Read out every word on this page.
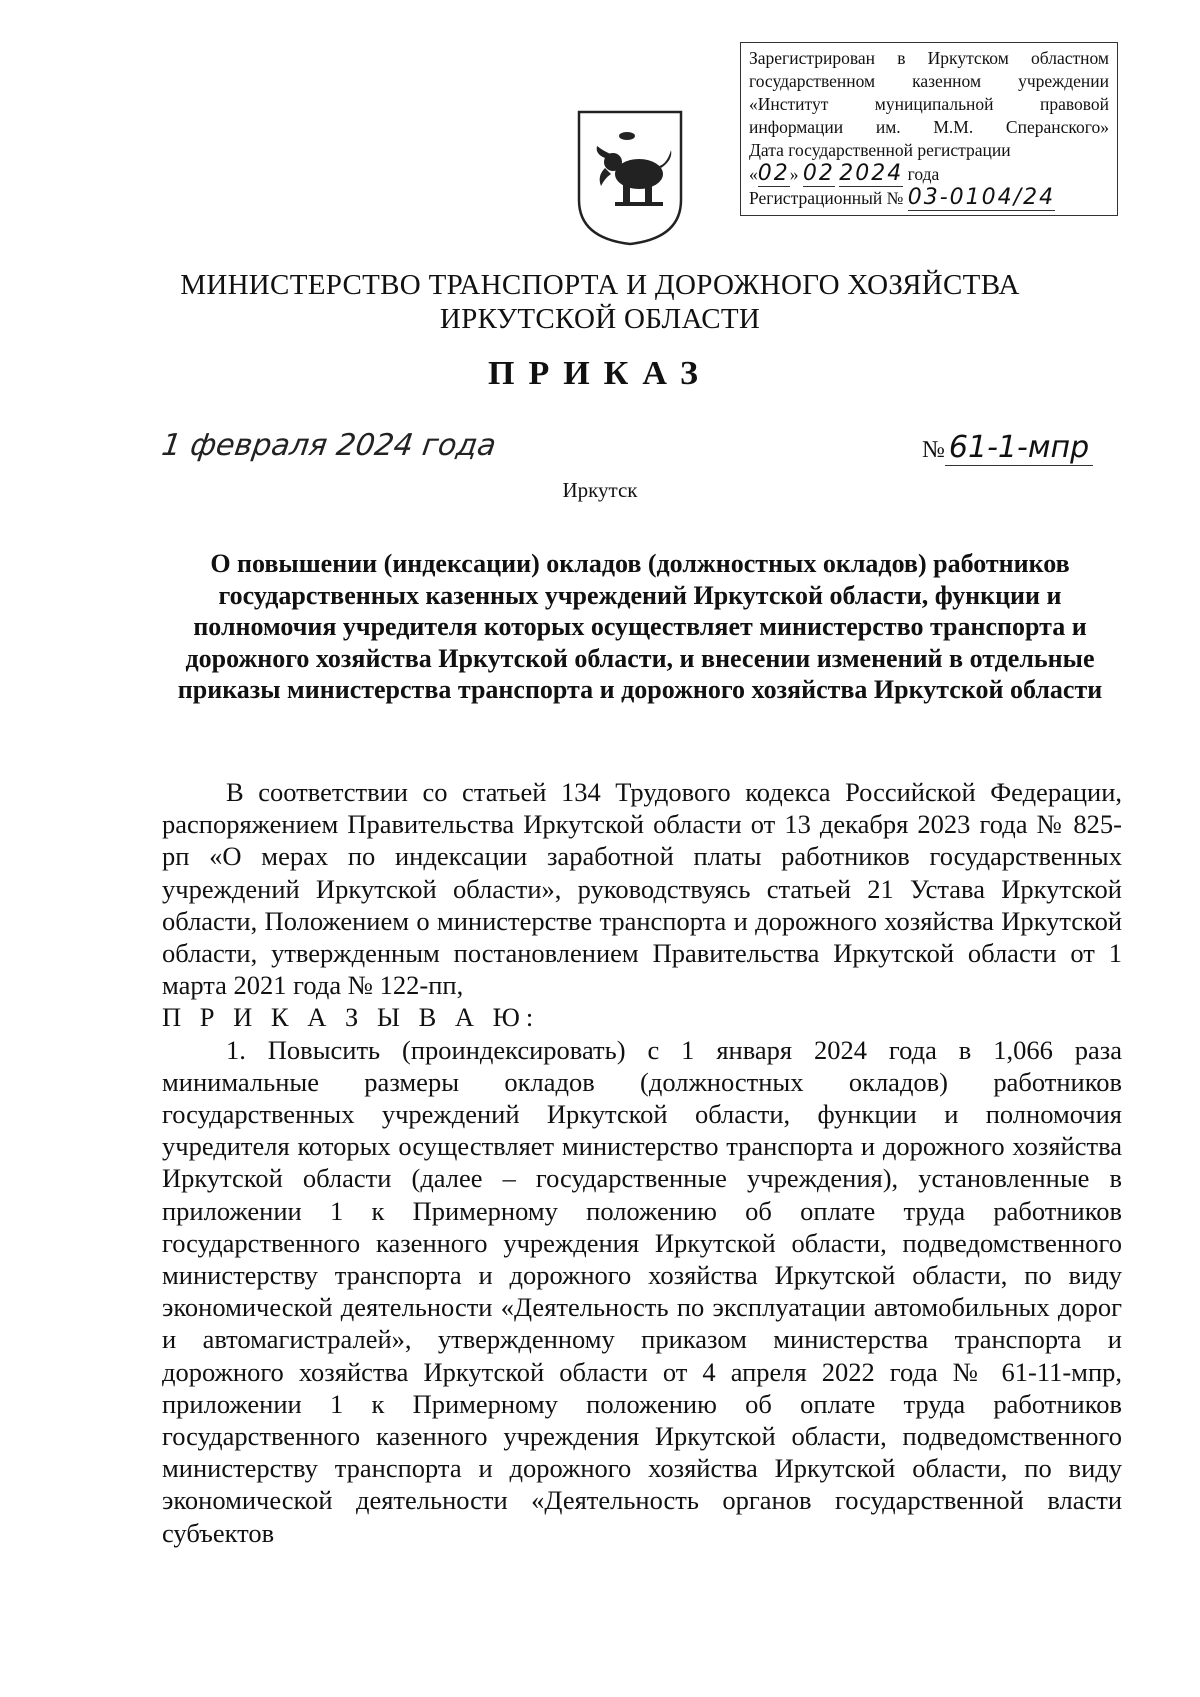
Зарегистрирован в Иркутском областном
государственном казенном учреждении
«Институт муниципальной правовой
информации им. М.М. Сперанского»
Дата государственной регистрации
«02» 02 2024 года
Регистрационный № 03-0104/24
МИНИСТЕРСТВО ТРАНСПОРТА И ДОРОЖНОГО ХОЗЯЙСТВА
ИРКУТСКОЙ ОБЛАСТИ
ПРИКАЗ
1 февраля 2024 года	№ 61-1-мпр
Иркутск
О повышении (индексации) окладов (должностных окладов) работников государственных казенных учреждений Иркутской области, функции и полномочия учредителя которых осуществляет министерство транспорта и дорожного хозяйства Иркутской области, и внесении изменений в отдельные приказы министерства транспорта и дорожного хозяйства Иркутской области

В соответствии со статьей 134 Трудового кодекса Российской Федерации, распоряжением Правительства Иркутской области от 13 декабря 2023 года № 825-рп «О мерах по индексации заработной платы работников государственных учреждений Иркутской области», руководствуясь статьей 21 Устава Иркутской области, Положением о министерстве транспорта и дорожного хозяйства Иркутской области, утвержденным постановлением Правительства Иркутской области от 1 марта 2021 года № 122-пп,

П Р И К А З Ы В А Ю:

1. Повысить (проиндексировать) с 1 января 2024 года в 1,066 раза минимальные размеры окладов (должностных окладов) работников государственных учреждений Иркутской области, функции и полномочия учредителя которых осуществляет министерство транспорта и дорожного хозяйства Иркутской области (далее – государственные учреждения), установленные в приложении 1 к Примерному положению об оплате труда работников государственного казенного учреждения Иркутской области, подведомственного министерству транспорта и дорожного хозяйства Иркутской области, по виду экономической деятельности «Деятельность по эксплуатации автомобильных дорог и автомагистралей», утвержденному приказом министерства транспорта и дорожного хозяйства Иркутской области от 4 апреля 2022 года № 61-11-мпр, приложении 1 к Примерному положению об оплате труда работников государственного казенного учреждения Иркутской области, подведомственного министерству транспорта и дорожного хозяйства Иркутской области, по виду экономической деятельности «Деятельность органов государственной власти субъектов
